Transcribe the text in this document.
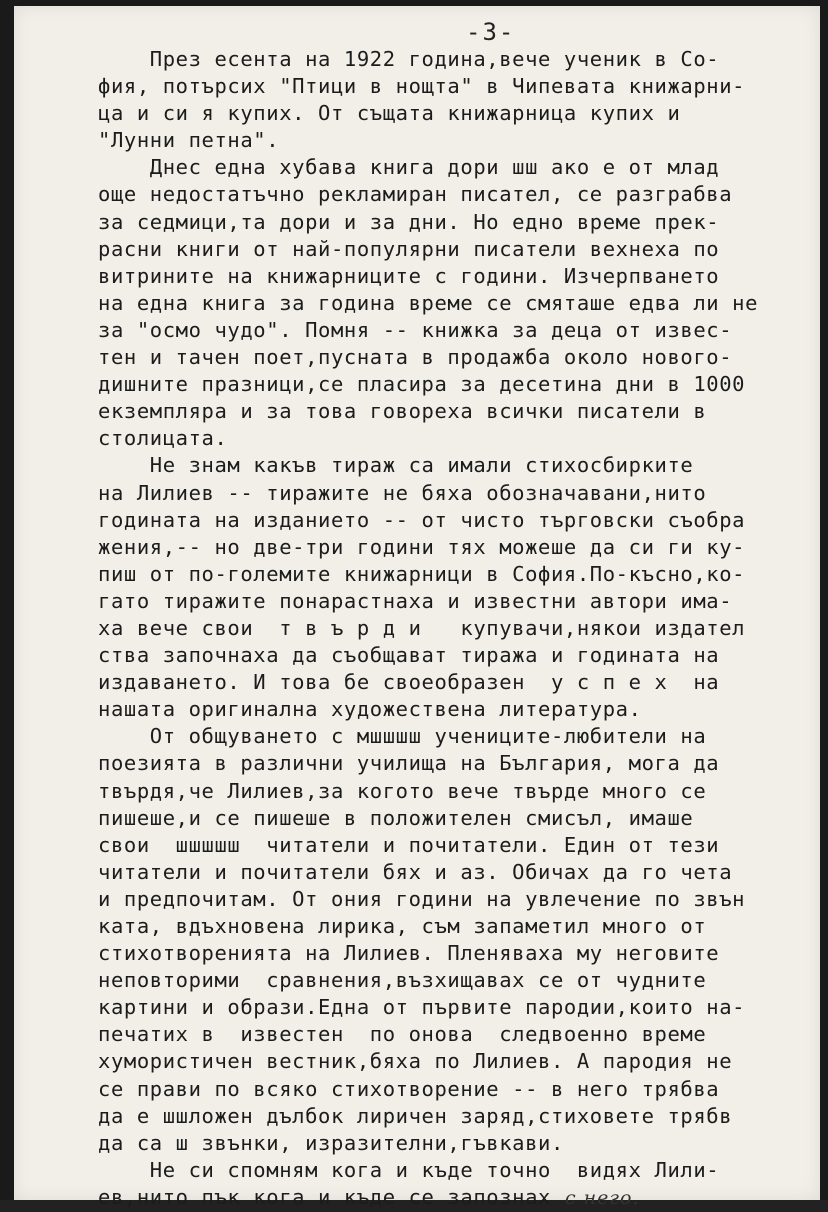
-3-
През есента на 1922 година,вече ученик в Со-
фия, потърсих "Птици в нощта" в Чипевата книжарни-
ца и си я купих. От същата книжарница купих и
"Лунни петна".
Днес една хубава книга дори шш ако е от млад
още недостатъчно рекламиран писател, се разграбва
за седмици,та дори и за дни. Но едно време прек-
расни книги от най-популярни писатели вехнеха по
витрините на книжарниците с години. Изчерпването
на една книга за година време се смяташе едва ли не
за "осмо чудо". Помня -- книжка за деца от извес-
тен и тачен поет,пусната в продажба около новогo-
дишните празници,се пласира за десетина дни в 1000
екземпляра и за това говореха всички писатели в
столицата.
Не знам какъв тираж са имали стихосбирките
на Лилиев -- тиражите не бяха обозначавани,нито
годината на изданието -- от чисто търговски съобра
жения,-- но две-три години тях можеше да си ги ку-
пиш от по-големите книжарници в София.По-късно,ко-
гато тиражите понарастнаха и известни автори има-
ха вече свои  т в ъ р д и   купувачи,някои издател
ства започнаха да съобщават тиража и годината на
издаването. И това бе своеобразен  у с п е х  на
нашата оригинална художествена литература.
От общуването с мшшшш учениците-любители на
поезията в различни училища на България, мога да
твърдя,че Лилиев,за когото вече твърде много се
пишеше,и се пишеше в положителен смисъл, имаше
свои  шшшшш  читатели и почитатели. Един от тези
читатели и почитатели бях и аз. Обичах да го чета
и предпочитам. От ония години на увлечение по звън
ката, вдъхновена лирика, съм запаметил много от
стихотворенията на Лилиев. Пленяваха му неговите
неповторими  сравнения,възхищавах се от чудните
картини и образи.Една от първите пародии,които на-
печатих в  известен  по онова  следвоенно време
хумористичен вестник,бяха по Лилиев. А пародия не
се прави по всяко стихотворение -- в него трябва
да е шшложен дълбок лиричен заряд,стиховете трябв
да са ш звънки, изразителни,гъвкави.
Не си спомням кога и къде точно  видях Лили-
ев,нито пък кога и къде се запознах с него.
